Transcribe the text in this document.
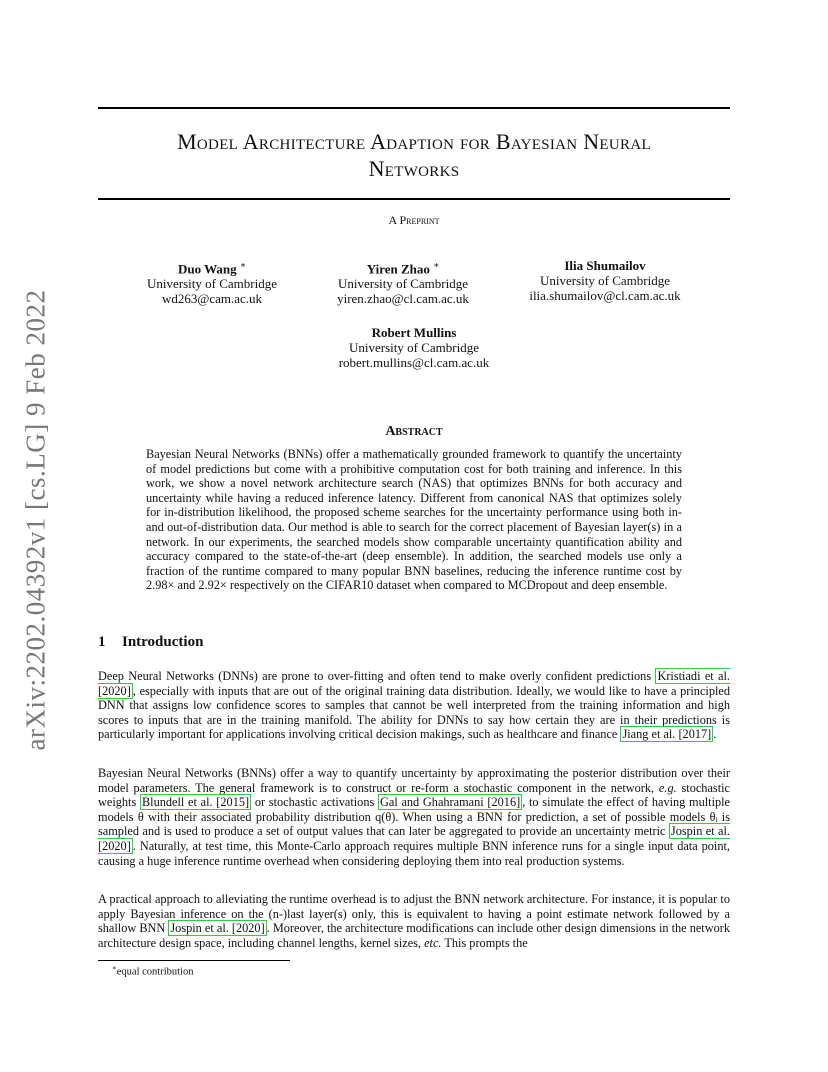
arXiv:2202.04392v1 [cs.LG] 9 Feb 2022
Model Architecture Adaption for Bayesian Neural
Networks
A Preprint
Duo Wang ∗
University of Cambridge
wd263@cam.ac.uk
Yiren Zhao ∗
University of Cambridge
yiren.zhao@cl.cam.ac.uk
Ilia Shumailov
University of Cambridge
ilia.shumailov@cl.cam.ac.uk
Robert Mullins
University of Cambridge
robert.mullins@cl.cam.ac.uk
Abstract
Bayesian Neural Networks (BNNs) offer a mathematically grounded framework to quantify the uncertainty of model predictions but come with a prohibitive computation cost for both training and inference. In this work, we show a novel network architecture search (NAS) that optimizes BNNs for both accuracy and uncertainty while having a reduced inference latency. Different from canonical NAS that optimizes solely for in-distribution likelihood, the proposed scheme searches for the uncertainty performance using both in- and out-of-distribution data. Our method is able to search for the correct placement of Bayesian layer(s) in a network. In our experiments, the searched models show comparable uncertainty quantification ability and accuracy compared to the state-of-the-art (deep ensemble). In addition, the searched models use only a fraction of the runtime compared to many popular BNN baselines, reducing the inference runtime cost by 2.98× and 2.92× respectively on the CIFAR10 dataset when compared to MCDropout and deep ensemble.
1 Introduction

Deep Neural Networks (DNNs) are prone to over-fitting and often tend to make overly confident predictions Kristiadi et al. [2020] , especially with inputs that are out of the original training data distribution. Ideally, we would like to have a principled DNN that assigns low confidence scores to samples that cannot be well interpreted from the training information and high scores to inputs that are in the training manifold. The ability for DNNs to say how certain they are in their predictions is particularly important for applications involving critical decision makings, such as healthcare and finance Jiang et al. [2017] .

Bayesian Neural Networks (BNNs) offer a way to quantify uncertainty by approximating the posterior distribution over their model parameters. The general framework is to construct or re-form a stochastic component in the network, e.g. stochastic weights Blundell et al. [2015] or stochastic activations Gal and Ghahramani [2016] , to simulate the effect of having multiple models θ with their associated probability distribution q(θ). When using a BNN for prediction, a set of possible models θᵢ is sampled and is used to produce a set of output values that can later be aggregated to provide an uncertainty metric Jospin et al. [2020] . Naturally, at test time, this Monte-Carlo approach requires multiple BNN inference runs for a single input data point, causing a huge inference runtime overhead when considering deploying them into real production systems.

A practical approach to alleviating the runtime overhead is to adjust the BNN network architecture. For instance, it is popular to apply Bayesian inference on the (n-)last layer(s) only, this is equivalent to having a point estimate network followed by a shallow BNN Jospin et al. [2020] . Moreover, the architecture modifications can include other design dimensions in the network architecture design space, including channel lengths, kernel sizes, etc. This prompts the

∗equal contribution
